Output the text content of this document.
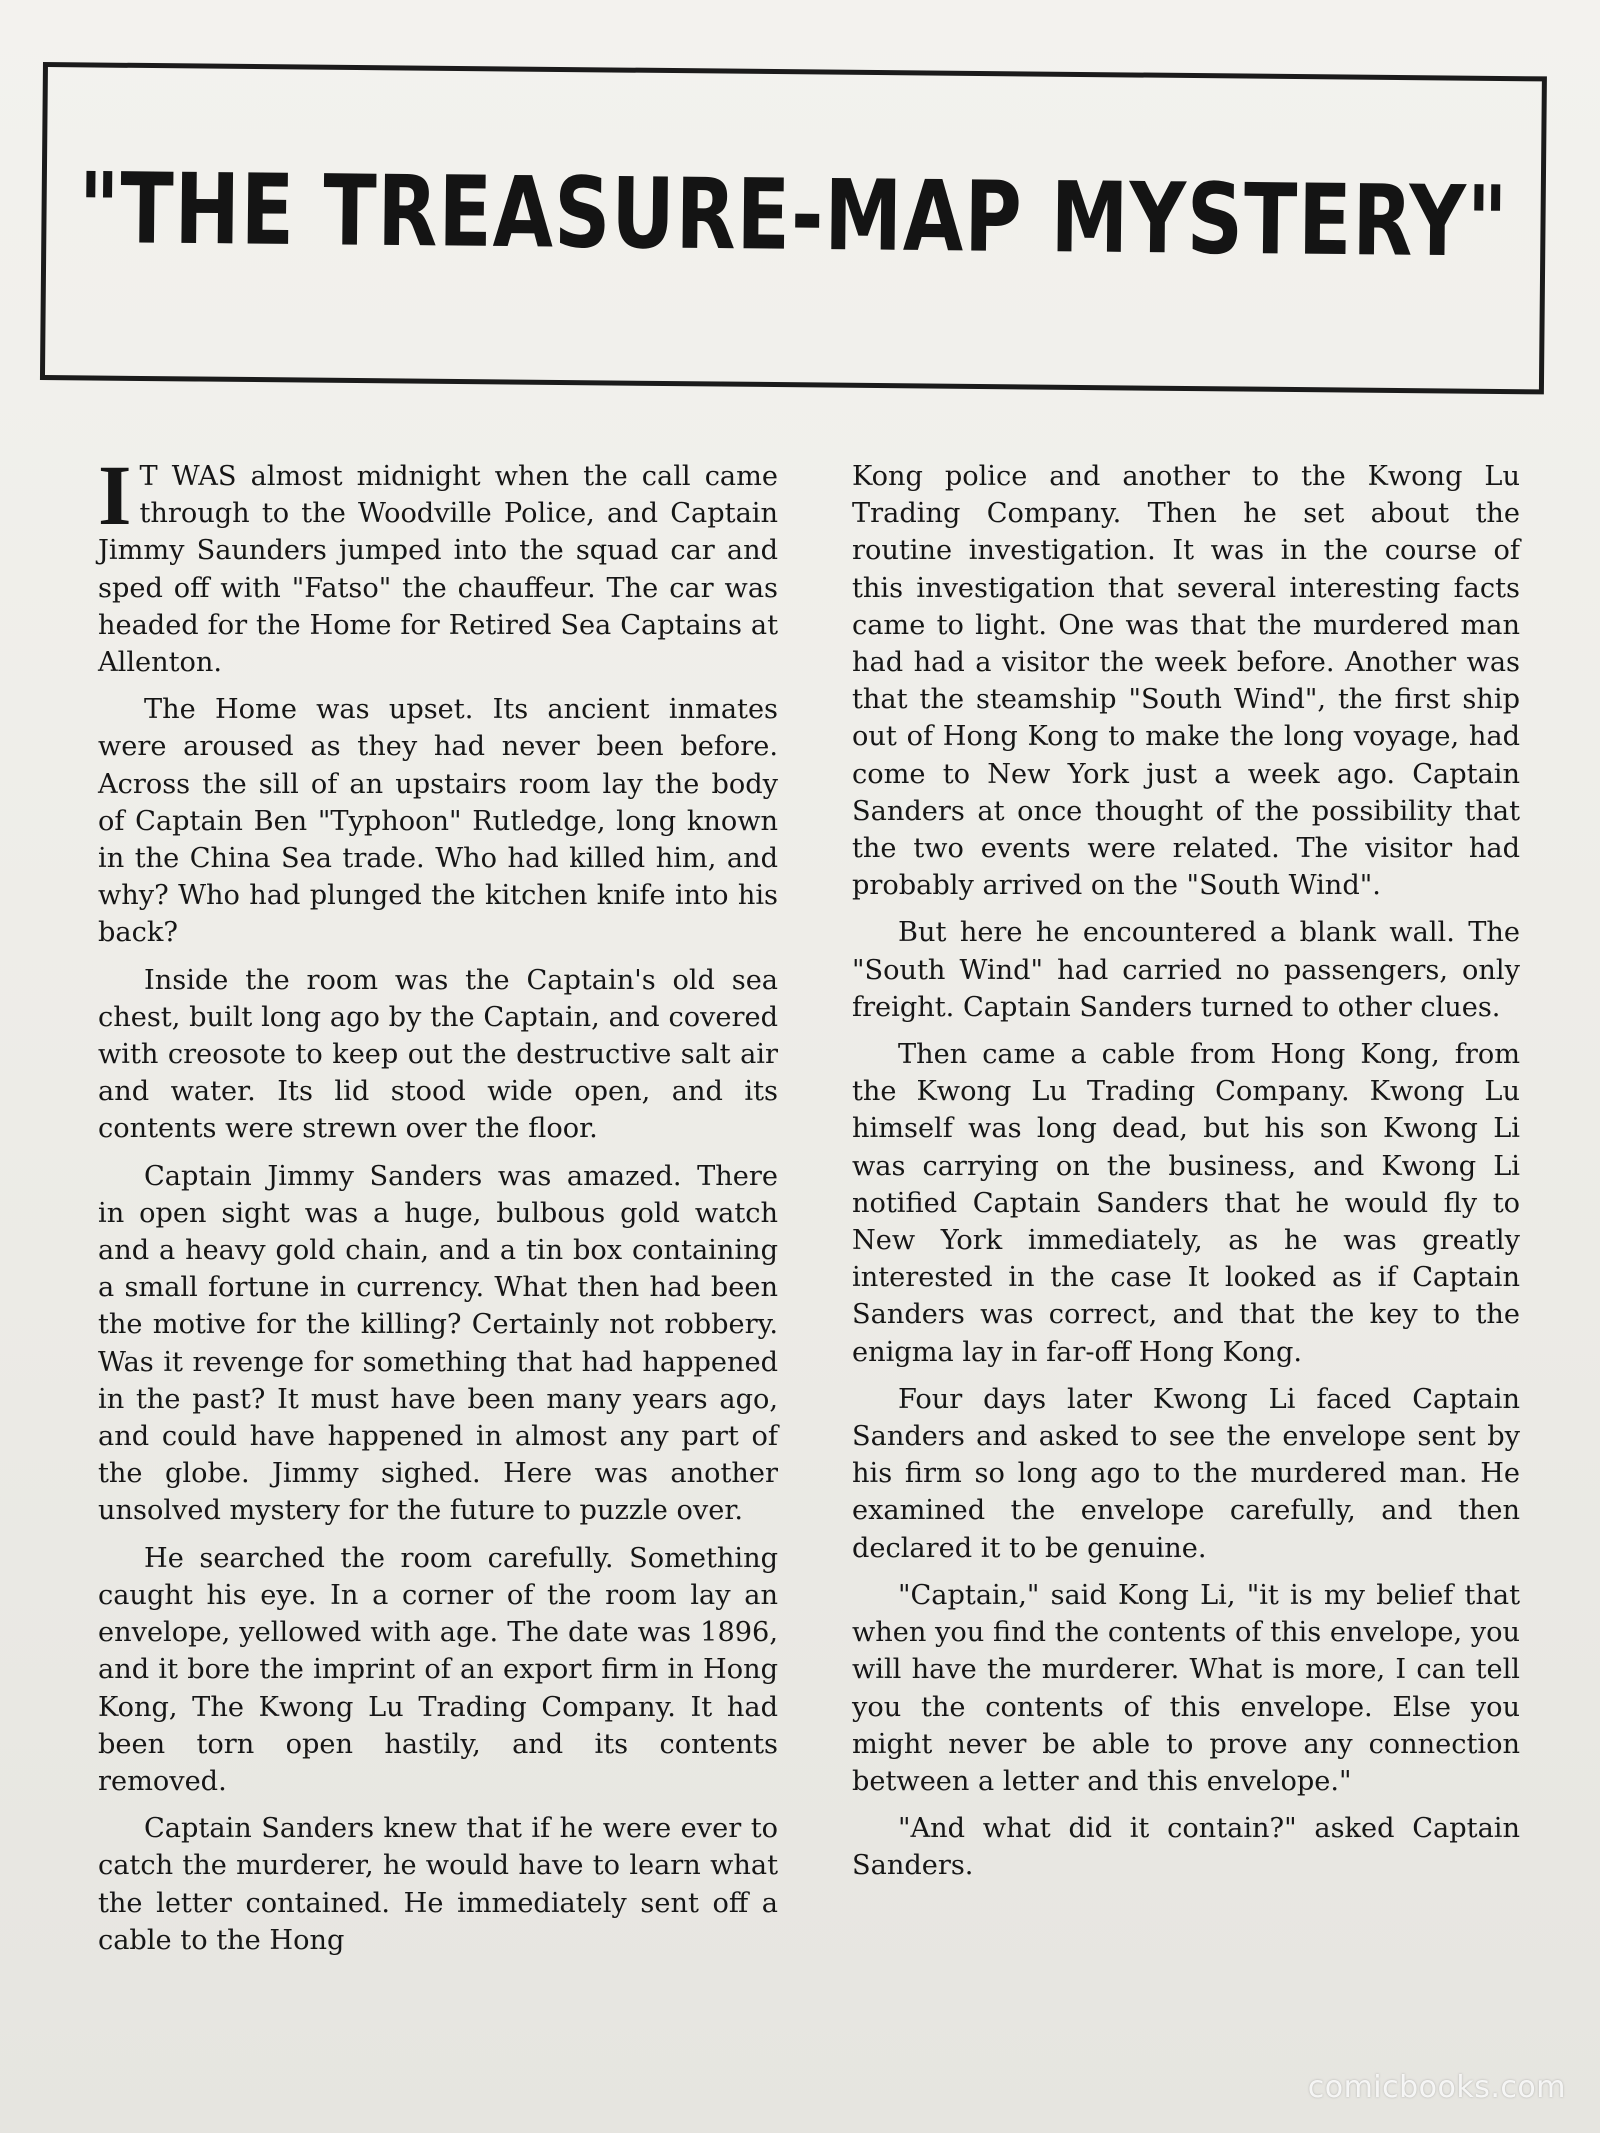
"THE TREASURE-MAP MYSTERY"

I T WAS almost midnight when the call came through to the Woodville Police, and Captain Jimmy Saunders jumped into the squad car and sped off with "Fatso" the chauffeur. The car was headed for the Home for Retired Sea Captains at Allenton.

The Home was upset. Its ancient inmates were aroused as they had never been before. Across the sill of an upstairs room lay the body of Captain Ben "Typhoon" Rutledge, long known in the China Sea trade. Who had killed him, and why? Who had plunged the kitchen knife into his back?

Inside the room was the Captain's old sea chest, built long ago by the Captain, and covered with creosote to keep out the destructive salt air and water. Its lid stood wide open, and its contents were strewn over the floor.

Captain Jimmy Sanders was amazed. There in open sight was a huge, bulbous gold watch and a heavy gold chain, and a tin box containing a small fortune in currency. What then had been the motive for the killing? Certainly not robbery. Was it revenge for something that had happened in the past? It must have been many years ago, and could have happened in almost any part of the globe. Jimmy sighed. Here was another unsolved mystery for the future to puzzle over.

He searched the room carefully. Something caught his eye. In a corner of the room lay an envelope, yellowed with age. The date was 1896, and it bore the imprint of an export firm in Hong Kong, The Kwong Lu Trading Company. It had been torn open hastily, and its contents removed.

Captain Sanders knew that if he were ever to catch the murderer, he would have to learn what the letter contained. He immediately sent off a cable to the Hong

Kong police and another to the Kwong Lu Trading Company. Then he set about the routine investigation. It was in the course of this investigation that several interesting facts came to light. One was that the murdered man had had a visitor the week before. Another was that the steamship "South Wind", the first ship out of Hong Kong to make the long voyage, had come to New York just a week ago. Captain Sanders at once thought of the possibility that the two events were related. The visitor had probably arrived on the "South Wind".

But here he encountered a blank wall. The "South Wind" had carried no passengers, only freight. Captain Sanders turned to other clues.

Then came a cable from Hong Kong, from the Kwong Lu Trading Company. Kwong Lu himself was long dead, but his son Kwong Li was carrying on the business, and Kwong Li notified Captain Sanders that he would fly to New York immediately, as he was greatly interested in the case It looked as if Captain Sanders was correct, and that the key to the enigma lay in far-off Hong Kong.

Four days later Kwong Li faced Captain Sanders and asked to see the envelope sent by his firm so long ago to the murdered man. He examined the envelope carefully, and then declared it to be genuine.

"Captain," said Kong Li, "it is my belief that when you find the contents of this envelope, you will have the murderer. What is more, I can tell you the contents of this envelope. Else you might never be able to prove any connection between a letter and this envelope."

"And what did it contain?" asked Captain Sanders.

comicbooks.com
